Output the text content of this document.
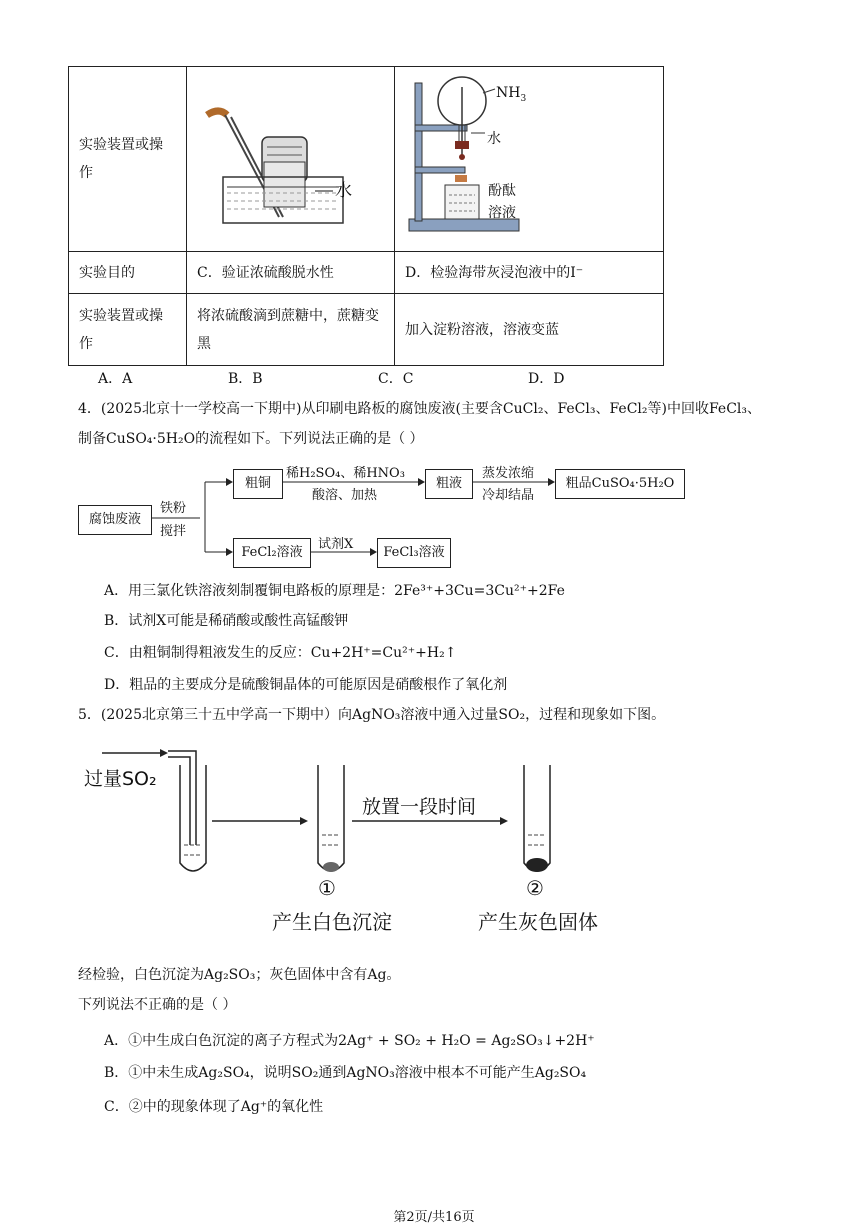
实验装置或操作	水	$NH_3$
水
酚酞
溶液

实验目的	C．验证浓硫酸脱水性	D．检验海带灰浸泡液中的I⁻
实验装置或操作	将浓硫酸滴到蔗糖中，蔗糖变黑	加入淀粉溶液，溶液变蓝
A．A	B．B	C．C	D．D
4．(2025北京十一学校高一下期中)从印刷电路板的腐蚀废液(主要含CuCl₂、FeCl₃、FeCl₂等)中回收FeCl₃、
制备CuSO₄·5H₂O的流程如下。下列说法正确的是（ ）
腐蚀废液
铁粉
搅拌
粗铜
稀H₂SO₄、稀HNO₃
酸溶、加热
粗液
蒸发浓缩
冷却结晶
粗品CuSO₄·5H₂O
FeCl₂溶液
试剂X
FeCl₃溶液
A．用三氯化铁溶液刻制覆铜电路板的原理是：2Fe³⁺+3Cu=3Cu²⁺+2Fe
B．试剂X可能是稀硝酸或酸性高锰酸钾
C．由粗铜制得粗液发生的反应：Cu+2H⁺=Cu²⁺+H₂↑
D．粗品的主要成分是硫酸铜晶体的可能原因是硝酸根作了氧化剂
5．(2025北京第三十五中学高一下期中）向AgNO₃溶液中通入过量SO₂，过程和现象如下图。
过量SO₂
放置一段时间
①	②
产生白色沉淀	产生灰色固体
经检验，白色沉淀为Ag₂SO₃；灰色固体中含有Ag。
下列说法不正确的是（ ）
A．①中生成白色沉淀的离子方程式为2Ag⁺ + SO₂ + H₂O = Ag₂SO₃↓+2H⁺
B．①中未生成Ag₂SO₄，说明SO₂通到AgNO₃溶液中根本不可能产生Ag₂SO₄
C．②中的现象体现了Ag⁺的氧化性
第2页/共16页
